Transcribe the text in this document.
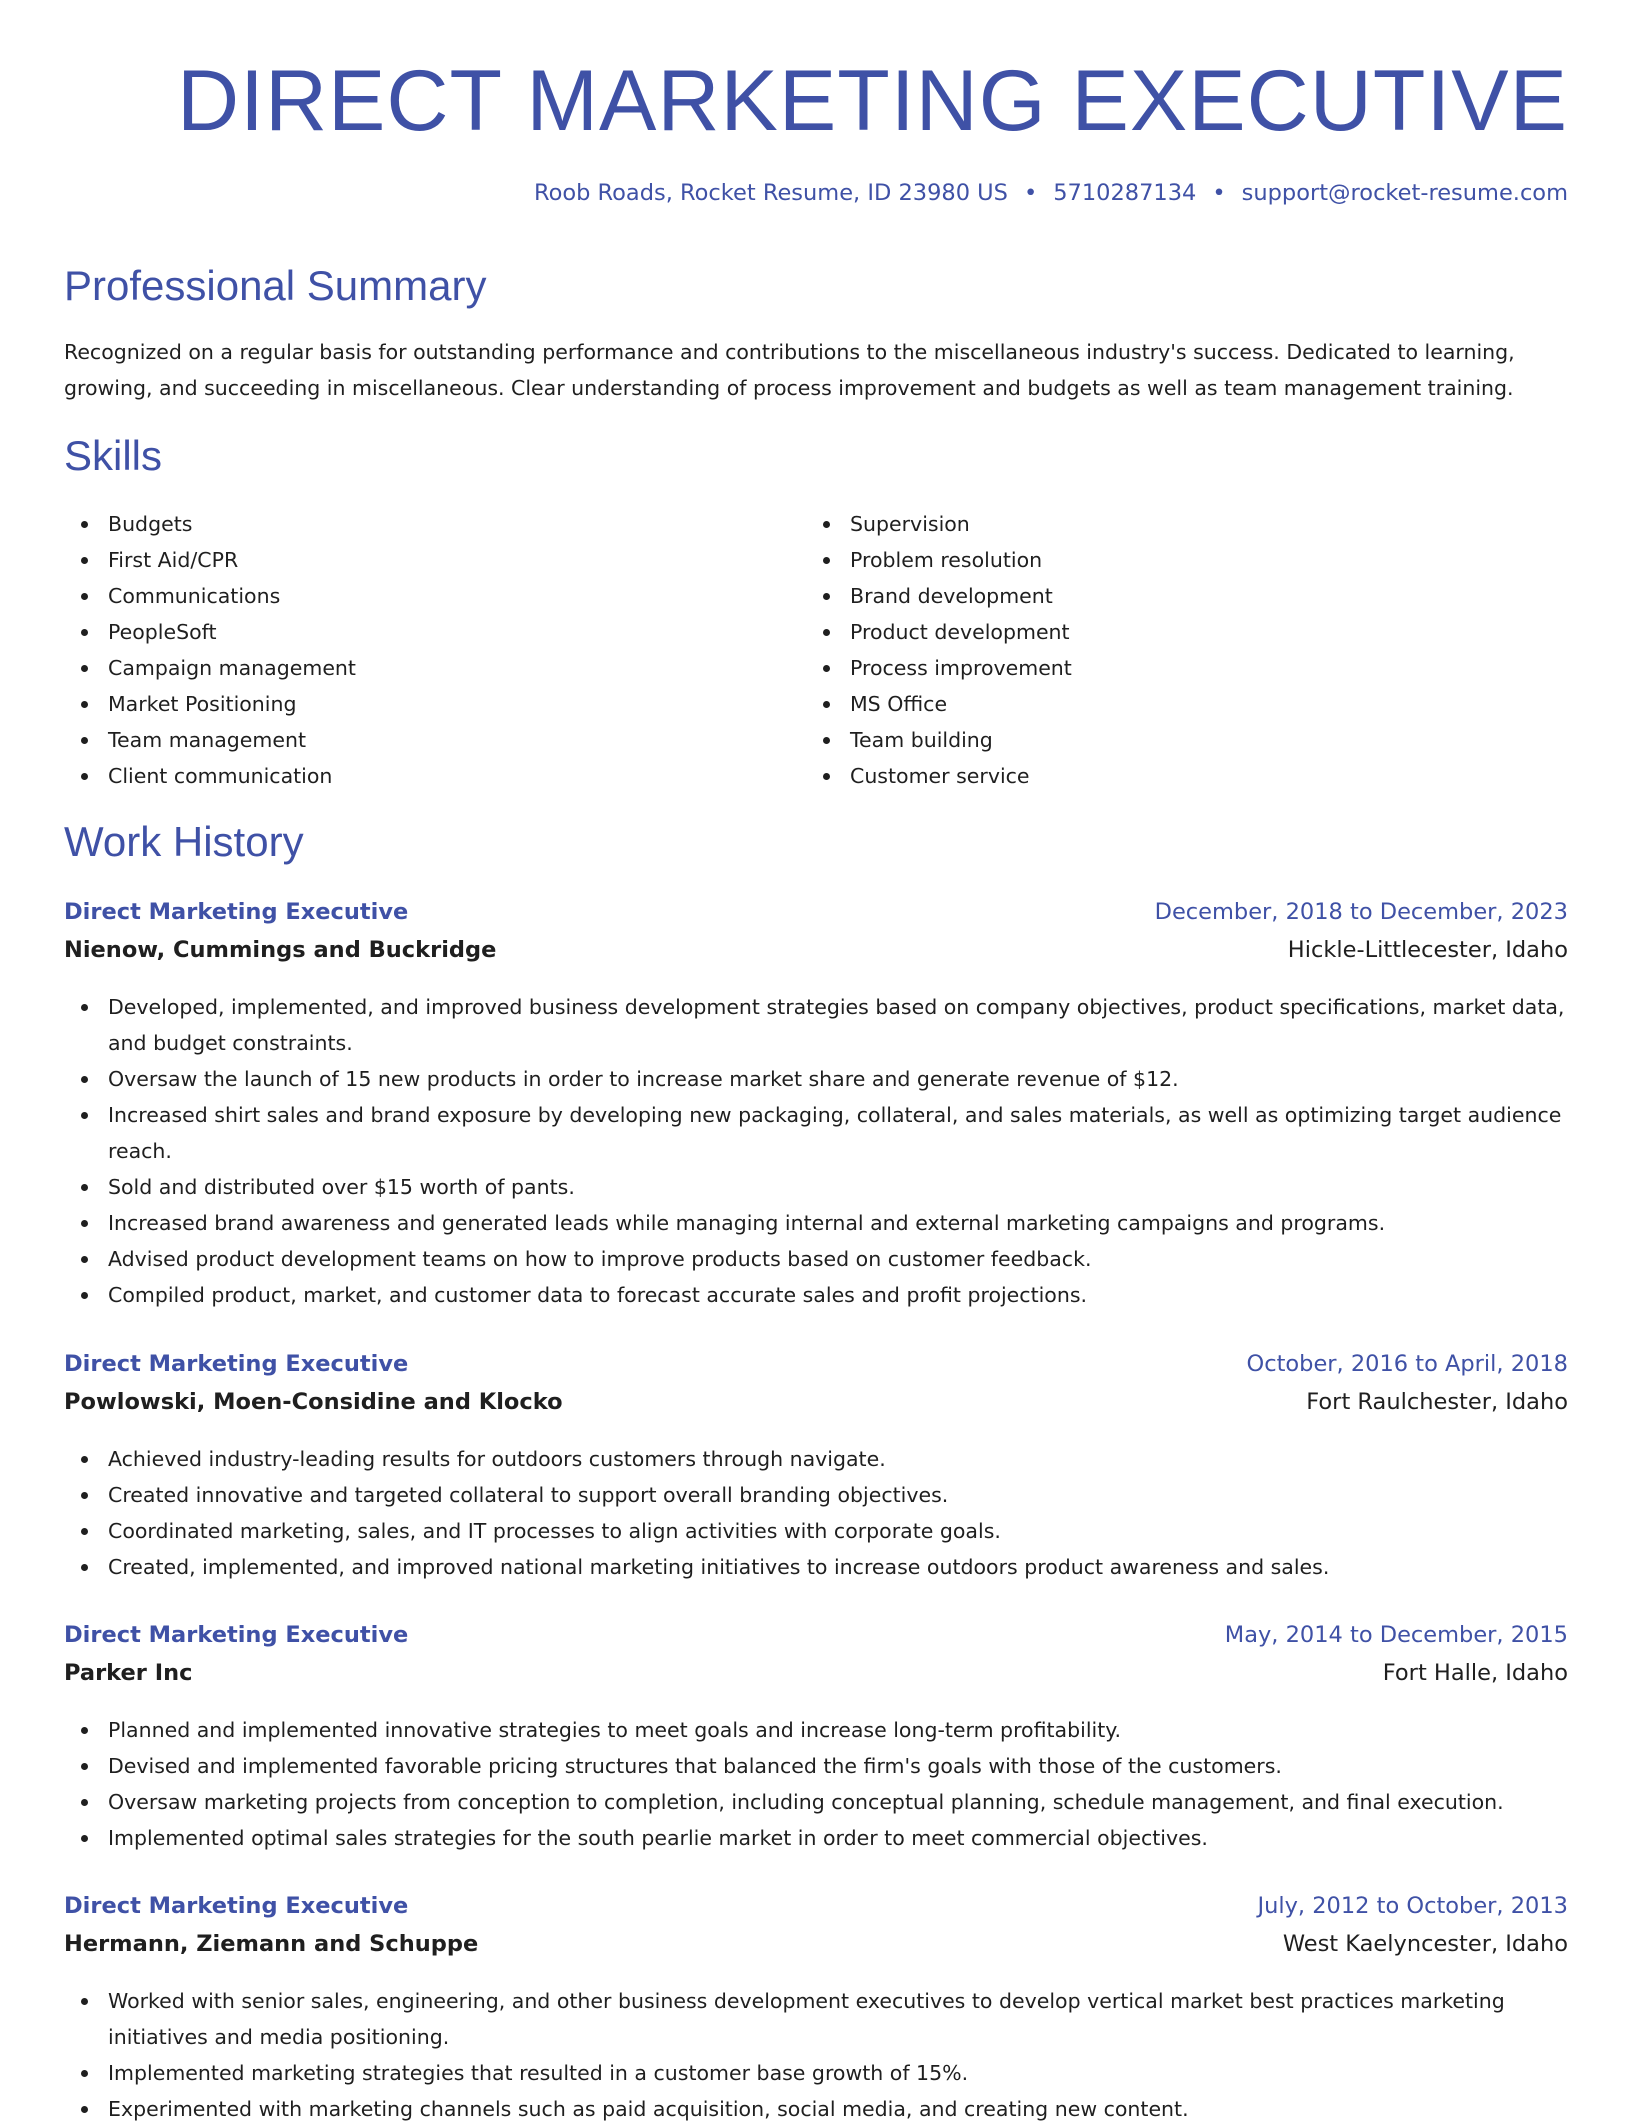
DIRECT MARKETING EXECUTIVE
Roob Roads, Rocket Resume, ID 23980 US • 5710287134 • support@rocket-resume.com
Professional Summary

Recognized on a regular basis for outstanding performance and contributions to the miscellaneous industry's success. Dedicated to learning, growing, and succeeding in miscellaneous. Clear understanding of process improvement and budgets as well as team management training.

Skills
Budgets
First Aid/CPR
Communications
PeopleSoft
Campaign management
Market Positioning
Team management
Client communication
Supervision
Problem resolution
Brand development
Product development
Process improvement
MS Office
Team building
Customer service
Work History
Direct Marketing Executive	December, 2018 to December, 2023
Nienow, Cummings and Buckridge	Hickle-Littlecester, Idaho
Developed, implemented, and improved business development strategies based on company objectives, product specifications, market data, and budget constraints.
Oversaw the launch of 15 new products in order to increase market share and generate revenue of $12.
Increased shirt sales and brand exposure by developing new packaging, collateral, and sales materials, as well as optimizing target audience reach.
Sold and distributed over $15 worth of pants.
Increased brand awareness and generated leads while managing internal and external marketing campaigns and programs.
Advised product development teams on how to improve products based on customer feedback.
Compiled product, market, and customer data to forecast accurate sales and profit projections.
Direct Marketing Executive	October, 2016 to April, 2018
Powlowski, Moen-Considine and Klocko	Fort Raulchester, Idaho
Achieved industry-leading results for outdoors customers through navigate.
Created innovative and targeted collateral to support overall branding objectives.
Coordinated marketing, sales, and IT processes to align activities with corporate goals.
Created, implemented, and improved national marketing initiatives to increase outdoors product awareness and sales.
Direct Marketing Executive	May, 2014 to December, 2015
Parker Inc	Fort Halle, Idaho
Planned and implemented innovative strategies to meet goals and increase long-term profitability.
Devised and implemented favorable pricing structures that balanced the firm's goals with those of the customers.
Oversaw marketing projects from conception to completion, including conceptual planning, schedule management, and final execution.
Implemented optimal sales strategies for the south pearlie market in order to meet commercial objectives.
Direct Marketing Executive	July, 2012 to October, 2013
Hermann, Ziemann and Schuppe	West Kaelyncester, Idaho
Worked with senior sales, engineering, and other business development executives to develop vertical market best practices marketing initiatives and media positioning.
Implemented marketing strategies that resulted in a customer base growth of 15%.
Experimented with marketing channels such as paid acquisition, social media, and creating new content.
